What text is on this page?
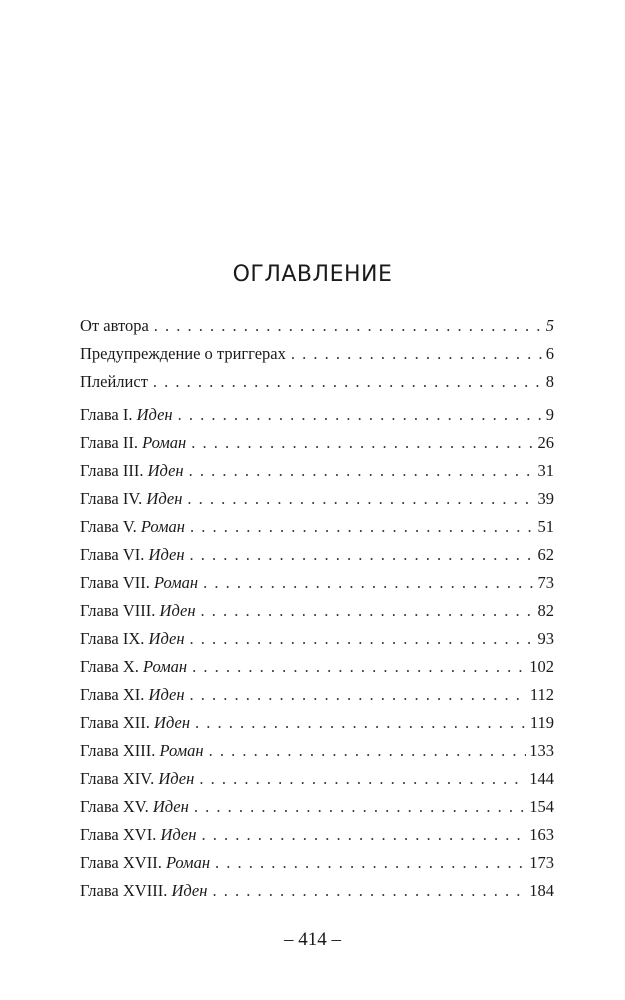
ОГЛАВЛЕНИЕ
От автора . . .	5
Предупреждение о триггерах . . .	6
Плейлист . . .	8
Глава I. Иден . . .	9
Глава II. Роман . . .	26
Глава III. Иден . . .	31
Глава IV. Иден . . .	39
Глава V. Роман . . .	51
Глава VI. Иден . . .	62
Глава VII. Роман . . .	73
Глава VIII. Иден . . .	82
Глава IX. Иден . . .	93
Глава X. Роман . . .	102
Глава XI. Иден . . .	112
Глава XII. Иден . . .	119
Глава XIII. Роман . . .	133
Глава XIV. Иден . . .	144
Глава XV. Иден . . .	154
Глава XVI. Иден . . .	163
Глава XVII. Роман . . .	173
Глава XVIII. Иден . . .	184
– 414 –
